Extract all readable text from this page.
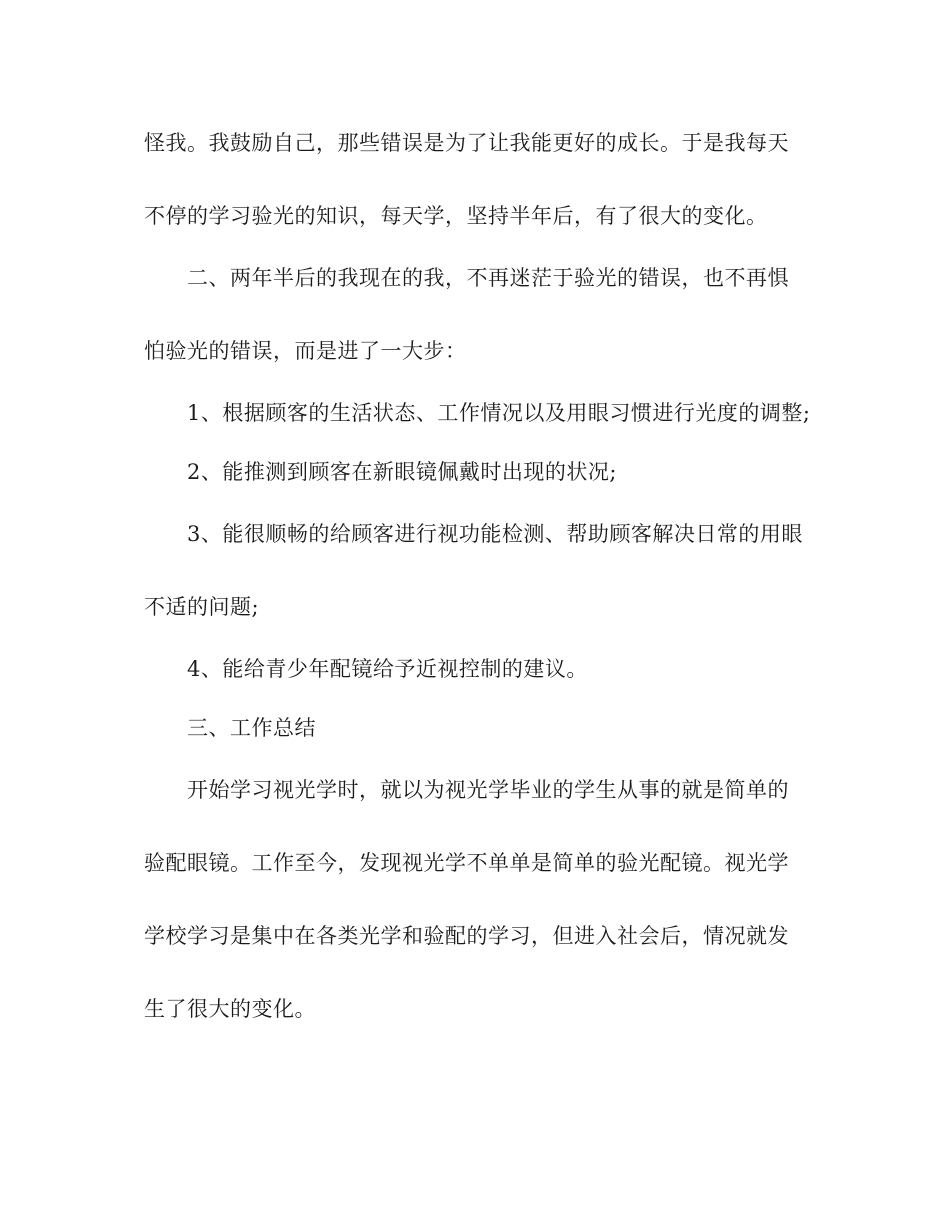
怪我。我鼓励自己，那些错误是为了让我能更好的成长。于是我每天
不停的学习验光的知识，每天学，坚持半年后，有了很大的变化。
二、两年半后的我现在的我，不再迷茫于验光的错误，也不再惧
怕验光的错误，而是进了一大步：
1、根据顾客的生活状态、工作情况以及用眼习惯进行光度的调整;
2、能推测到顾客在新眼镜佩戴时出现的状况;
3、能很顺畅的给顾客进行视功能检测、帮助顾客解决日常的用眼
不适的问题;
4、能给青少年配镜给予近视控制的建议。
三、工作总结
开始学习视光学时，就以为视光学毕业的学生从事的就是简单的
验配眼镜。工作至今，发现视光学不单单是简单的验光配镜。视光学
学校学习是集中在各类光学和验配的学习，但进入社会后，情况就发
生了很大的变化。
